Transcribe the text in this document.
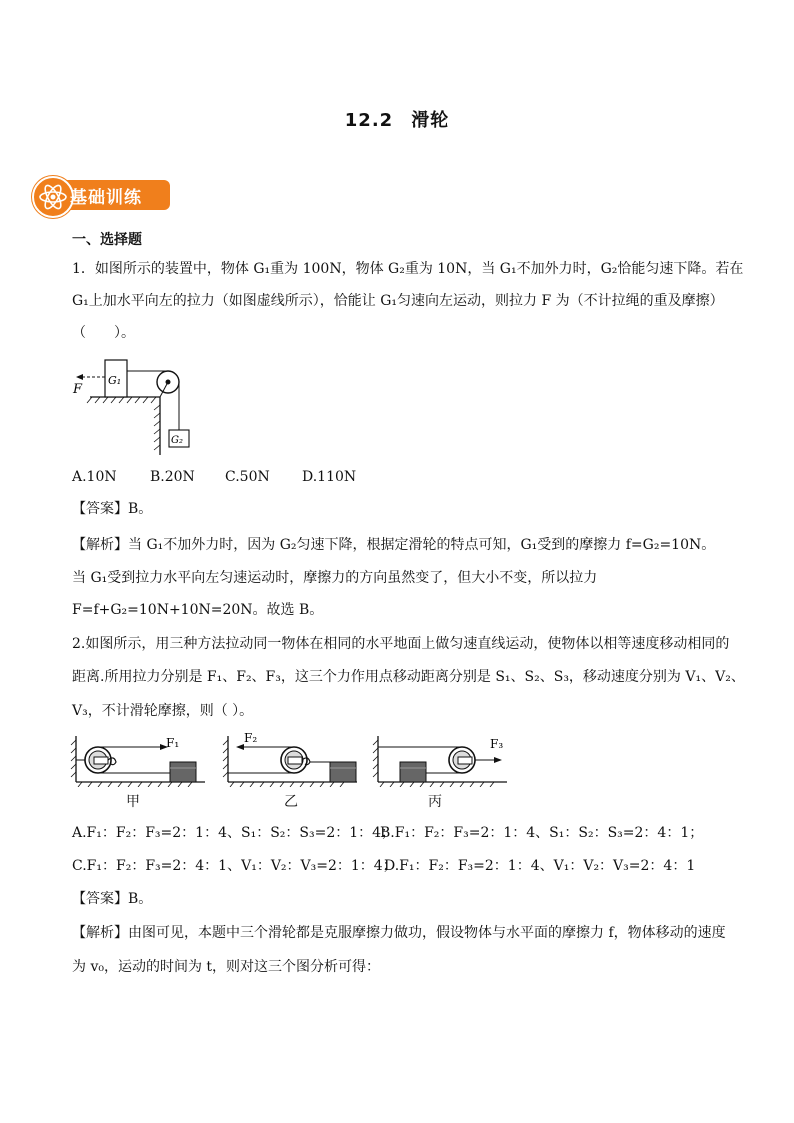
12.2 滑轮
基础训练
一、选择题
1．如图所示的装置中，物体 G₁重为 100N，物体 G₂重为 10N，当 G₁不加外力时，G₂恰能匀速下降。若在
G₁上加水平向左的拉力（如图虚线所示），恰能让 G₁匀速向左运动，则拉力 F 为（不计拉绳的重及摩擦）
（　　）。
G₁
G₂
F
A.10N B.20N C.50N D.110N
【答案】B。
【解析】当 G₁不加外力时，因为 G₂匀速下降，根据定滑轮的特点可知，G₁受到的摩擦力 f=G₂=10N。
当 G₁受到拉力水平向左匀速运动时，摩擦力的方向虽然变了，但大小不变，所以拉力
F=f+G₂=10N+10N=20N。故选 B。
2.如图所示，用三种方法拉动同一物体在相同的水平地面上做匀速直线运动，使物体以相等速度移动相同的
距离.所用拉力分别是 F₁、F₂、F₃，这三个力作用点移动距离分别是 S₁、S₂、S₃，移动速度分别为 V₁、V₂、
V₃，不计滑轮摩擦，则（ ）。
F₁
甲
F₂
乙
F₃
丙
A.F₁：F₂：F₃=2：1：4、S₁：S₂：S₃=2：1：4；
B.F₁：F₂：F₃=2：1：4、S₁：S₂：S₃=2：4：1；
C.F₁：F₂：F₃=2：4：1、V₁：V₂：V₃=2：1：4；
D.F₁：F₂：F₃=2：1：4、V₁：V₂：V₃=2：4：1
【答案】B。
【解析】由图可见，本题中三个滑轮都是克服摩擦力做功，假设物体与水平面的摩擦力 f，物体移动的速度
为 v₀，运动的时间为 t，则对这三个图分析可得：
